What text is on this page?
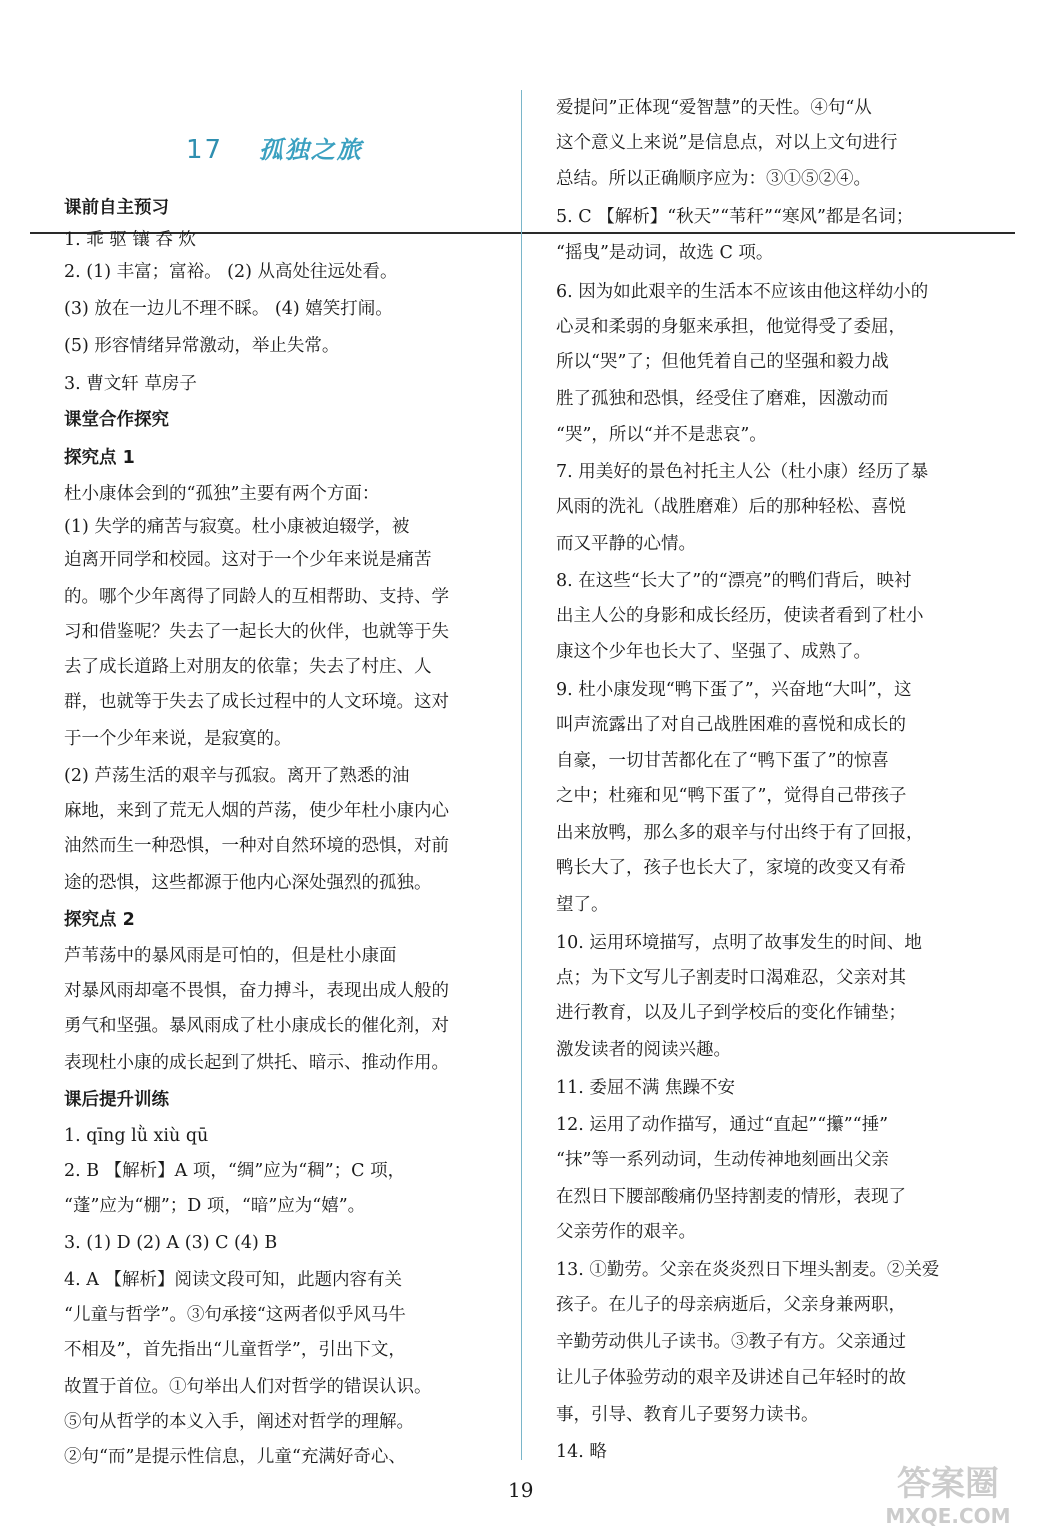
17 孤独之旅
课前自主预习
1. 乖 驱 镶 呑 炊
2. (1) 丰富；富裕。 (2) 从高处往远处看。
(3) 放在一边儿不理不睬。 (4) 嬉笑打闹。
(5) 形容情绪异常激动，举止失常。
3. 曹文轩 草房子
课堂合作探究
探究点 1
杜小康体会到的“孤独”主要有两个方面：
(1) 失学的痛苦与寂寞。杜小康被迫辍学，被
迫离开同学和校园。这对于一个少年来说是痛苦
的。哪个少年离得了同龄人的互相帮助、支持、学
习和借鉴呢？失去了一起长大的伙伴，也就等于失
去了成长道路上对朋友的依靠；失去了村庄、人
群，也就等于失去了成长过程中的人文环境。这对
于一个少年来说，是寂寞的。
(2) 芦荡生活的艰辛与孤寂。离开了熟悉的油
麻地，来到了荒无人烟的芦荡，使少年杜小康内心
油然而生一种恐惧，一种对自然环境的恐惧，对前
途的恐惧，这些都源于他内心深处强烈的孤独。
探究点 2
芦苇荡中的暴风雨是可怕的，但是杜小康面
对暴风雨却毫不畏惧，奋力搏斗，表现出成人般的
勇气和坚强。暴风雨成了杜小康成长的催化剂，对
表现杜小康的成长起到了烘托、暗示、推动作用。
课后提升训练
1. qīng lǜ xiù qū
2. B 【解析】A 项，“绸”应为“稠”；C 项，
“蓬”应为“棚”；D 项，“暗”应为“嬉”。
3. (1) D (2) A (3) C (4) B
4. A 【解析】阅读文段可知，此题内容有关
“儿童与哲学”。③句承接“这两者似乎风马牛
不相及”，首先指出“儿童哲学”，引出下文，
故置于首位。①句举出人们对哲学的错误认识。
⑤句从哲学的本义入手，阐述对哲学的理解。
②句“而”是提示性信息，儿童“充满好奇心、
爱提问”正体现“爱智慧”的天性。④句“从
这个意义上来说”是信息点，对以上文句进行
总结。所以正确顺序应为：③①⑤②④。
5. C 【解析】“秋天”“苇秆”“寒风”都是名词；
“摇曳”是动词，故选 C 项。
6. 因为如此艰辛的生活本不应该由他这样幼小的
心灵和柔弱的身躯来承担，他觉得受了委屈，
所以“哭”了；但他凭着自己的坚强和毅力战
胜了孤独和恐惧，经受住了磨难，因激动而
“哭”，所以“并不是悲哀”。
7. 用美好的景色衬托主人公（杜小康）经历了暴
风雨的洗礼（战胜磨难）后的那种轻松、喜悦
而又平静的心情。
8. 在这些“长大了”的“漂亮”的鸭们背后，映衬
出主人公的身影和成长经历，使读者看到了杜小
康这个少年也长大了、坚强了、成熟了。
9. 杜小康发现“鸭下蛋了”，兴奋地“大叫”，这
叫声流露出了对自己战胜困难的喜悦和成长的
自豪，一切甘苦都化在了“鸭下蛋了”的惊喜
之中；杜雍和见“鸭下蛋了”，觉得自己带孩子
出来放鸭，那么多的艰辛与付出终于有了回报，
鸭长大了，孩子也长大了，家境的改变又有希
望了。
10. 运用环境描写，点明了故事发生的时间、地
点；为下文写儿子割麦时口渴难忍，父亲对其
进行教育，以及儿子到学校后的变化作铺垫；
激发读者的阅读兴趣。
11. 委屈不满 焦躁不安
12. 运用了动作描写，通过“直起”“攥”“捶”
“抹”等一系列动词，生动传神地刻画出父亲
在烈日下腰部酸痛仍坚持割麦的情形，表现了
父亲劳作的艰辛。
13. ①勤劳。父亲在炎炎烈日下埋头割麦。②关爱
孩子。在儿子的母亲病逝后，父亲身兼两职，
辛勤劳动供儿子读书。③教子有方。父亲通过
让儿子体验劳动的艰辛及讲述自己年轻时的故
事，引导、教育儿子要努力读书。
14. 略
19	答案圈
MXQE.COM
